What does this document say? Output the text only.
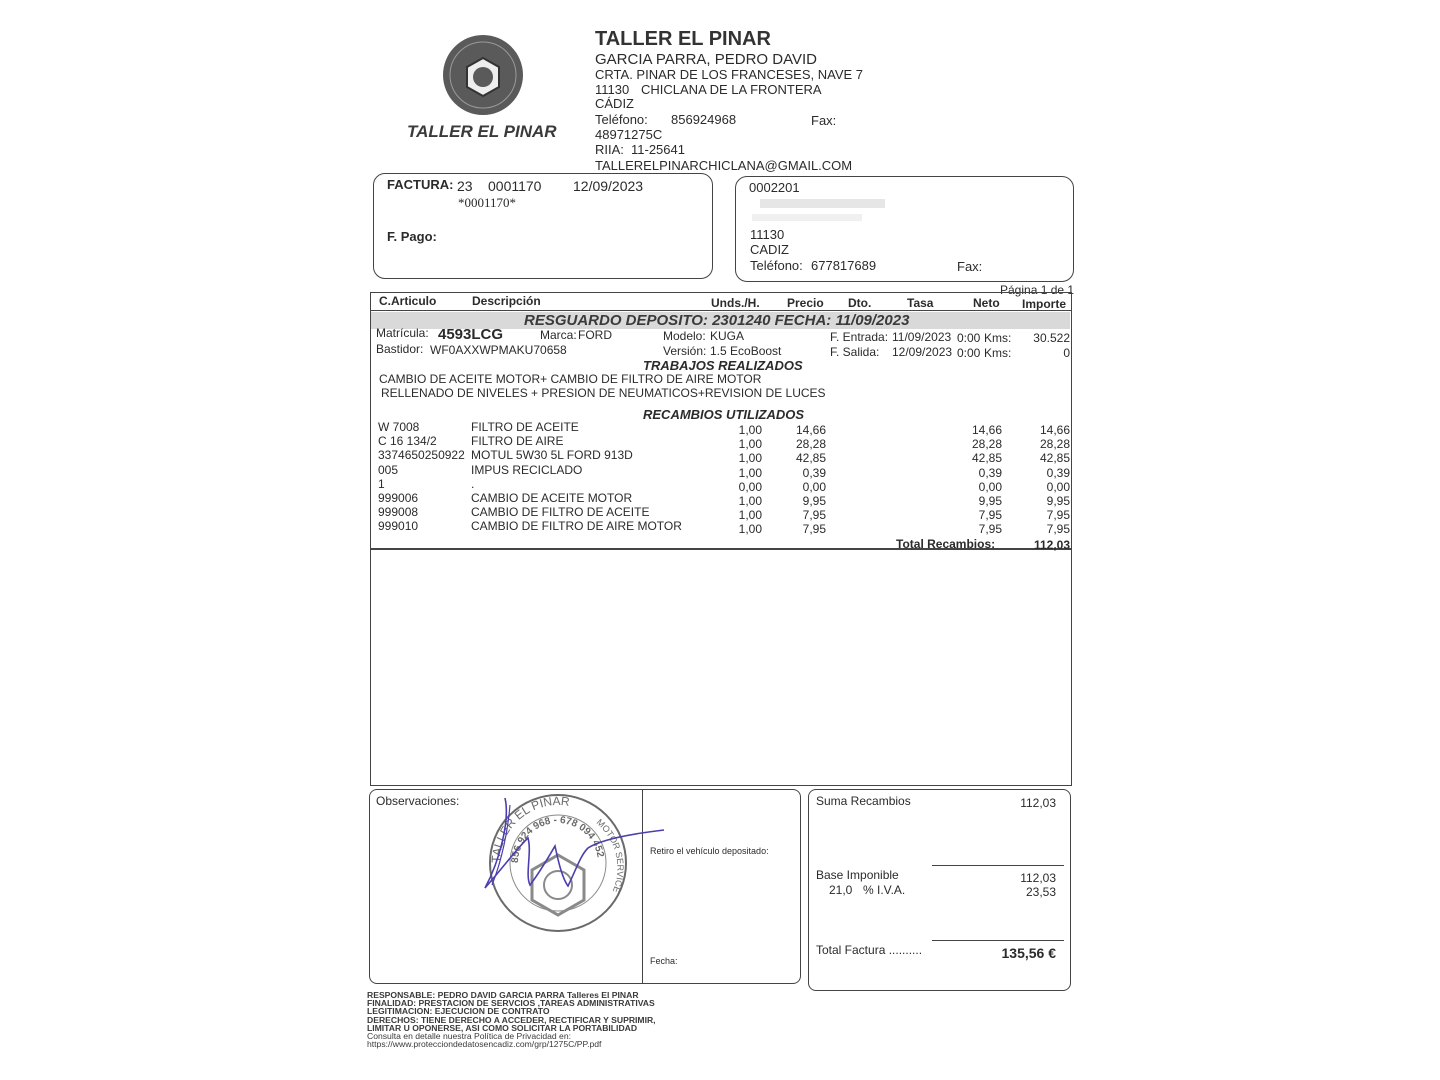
TALLER EL PINAR
TALLER EL PINAR
GARCIA PARRA, PEDRO DAVID
CRTA. PINAR DE LOS FRANCESES, NAVE 7
11130 CHICLANA DE LA FRONTERA
CÁDIZ
Teléfono: 856924968	Fax:
48971275C
RIIA: 11-25641
TALLERELPINARCHICLANA@GMAIL.COM
FACTURA: 23 0001170 12/09/2023
*0001170*
F. Pago:
0002201
11130
CADIZ
Teléfono: 677817689	Fax:
Página 1 de 1
C.Articulo	Descripción	Unds./H. Precio Dto.	Tasa	Neto Importe
RESGUARDO DEPOSITO: 2301240 FECHA: 11/09/2023
Matrícula: 4593LCG	Marca: FORD	Modelo: KUGA
Bastidor: WF0AXXWPMAKU70658	Versión: 1.5 EcoBoost
F. Entrada: 11/09/2023 0:00 Kms:	30.522
F. Salida: 12/09/2023 0:00 Kms:	0
TRABAJOS REALIZADOS
CAMBIO DE ACEITE MOTOR+ CAMBIO DE FILTRO DE AIRE MOTOR
RELLENADO DE NIVELES + PRESION DE NEUMATICOS+REVISION DE LUCES
RECAMBIOS UTILIZADOS
W 7008	FILTRO DE ACEITE	1,00	14,66	14,66	14,66
C 16 134/2	FILTRO DE AIRE	1,00	28,28	28,28	28,28
3374650250922 MOTUL 5W30 5L FORD 913D	1,00	42,85	42,85	42,85
005	IMPUS RECICLADO	1,00	0,39	0,39	0,39
1	.	0,00	0,00	0,00	0,00
999006	CAMBIO DE ACEITE MOTOR	1,00	9,95	9,95	9,95
999008	CAMBIO DE FILTRO DE ACEITE	1,00	7,95	7,95	7,95
999010	CAMBIO DE FILTRO DE AIRE MOTOR	1,00	7,95	7,95	7,95
Total Recambios:	112,03
Observaciones:
Retiro el vehículo depositado:
Fecha:
TALLER EL PINAR
856 924 968 - 678 094 452
MOTOR SERVICE
Suma Recambios	112,03
Base Imponible	112,03
21,0 % I.V.A.	23,53
Total Factura ..........	135,56 €
RESPONSABLE: PEDRO DAVID GARCIA PARRA Talleres El PINAR
FINALIDAD: PRESTACION DE SERVCIOS ,TAREAS ADMINISTRATIVAS
LEGITIMACION: EJECUCION DE CONTRATO
DERECHOS: TIENE DERECHO A ACCEDER, RECTIFICAR Y SUPRIMIR,
LIMITAR U OPONERSE, ASI COMO SOLICITAR LA PORTABILIDAD
Consulta en detalle nuestra Política de Privacidad en:
https://www.protecciondedatosencadiz.com/grp/1275C/PP.pdf
